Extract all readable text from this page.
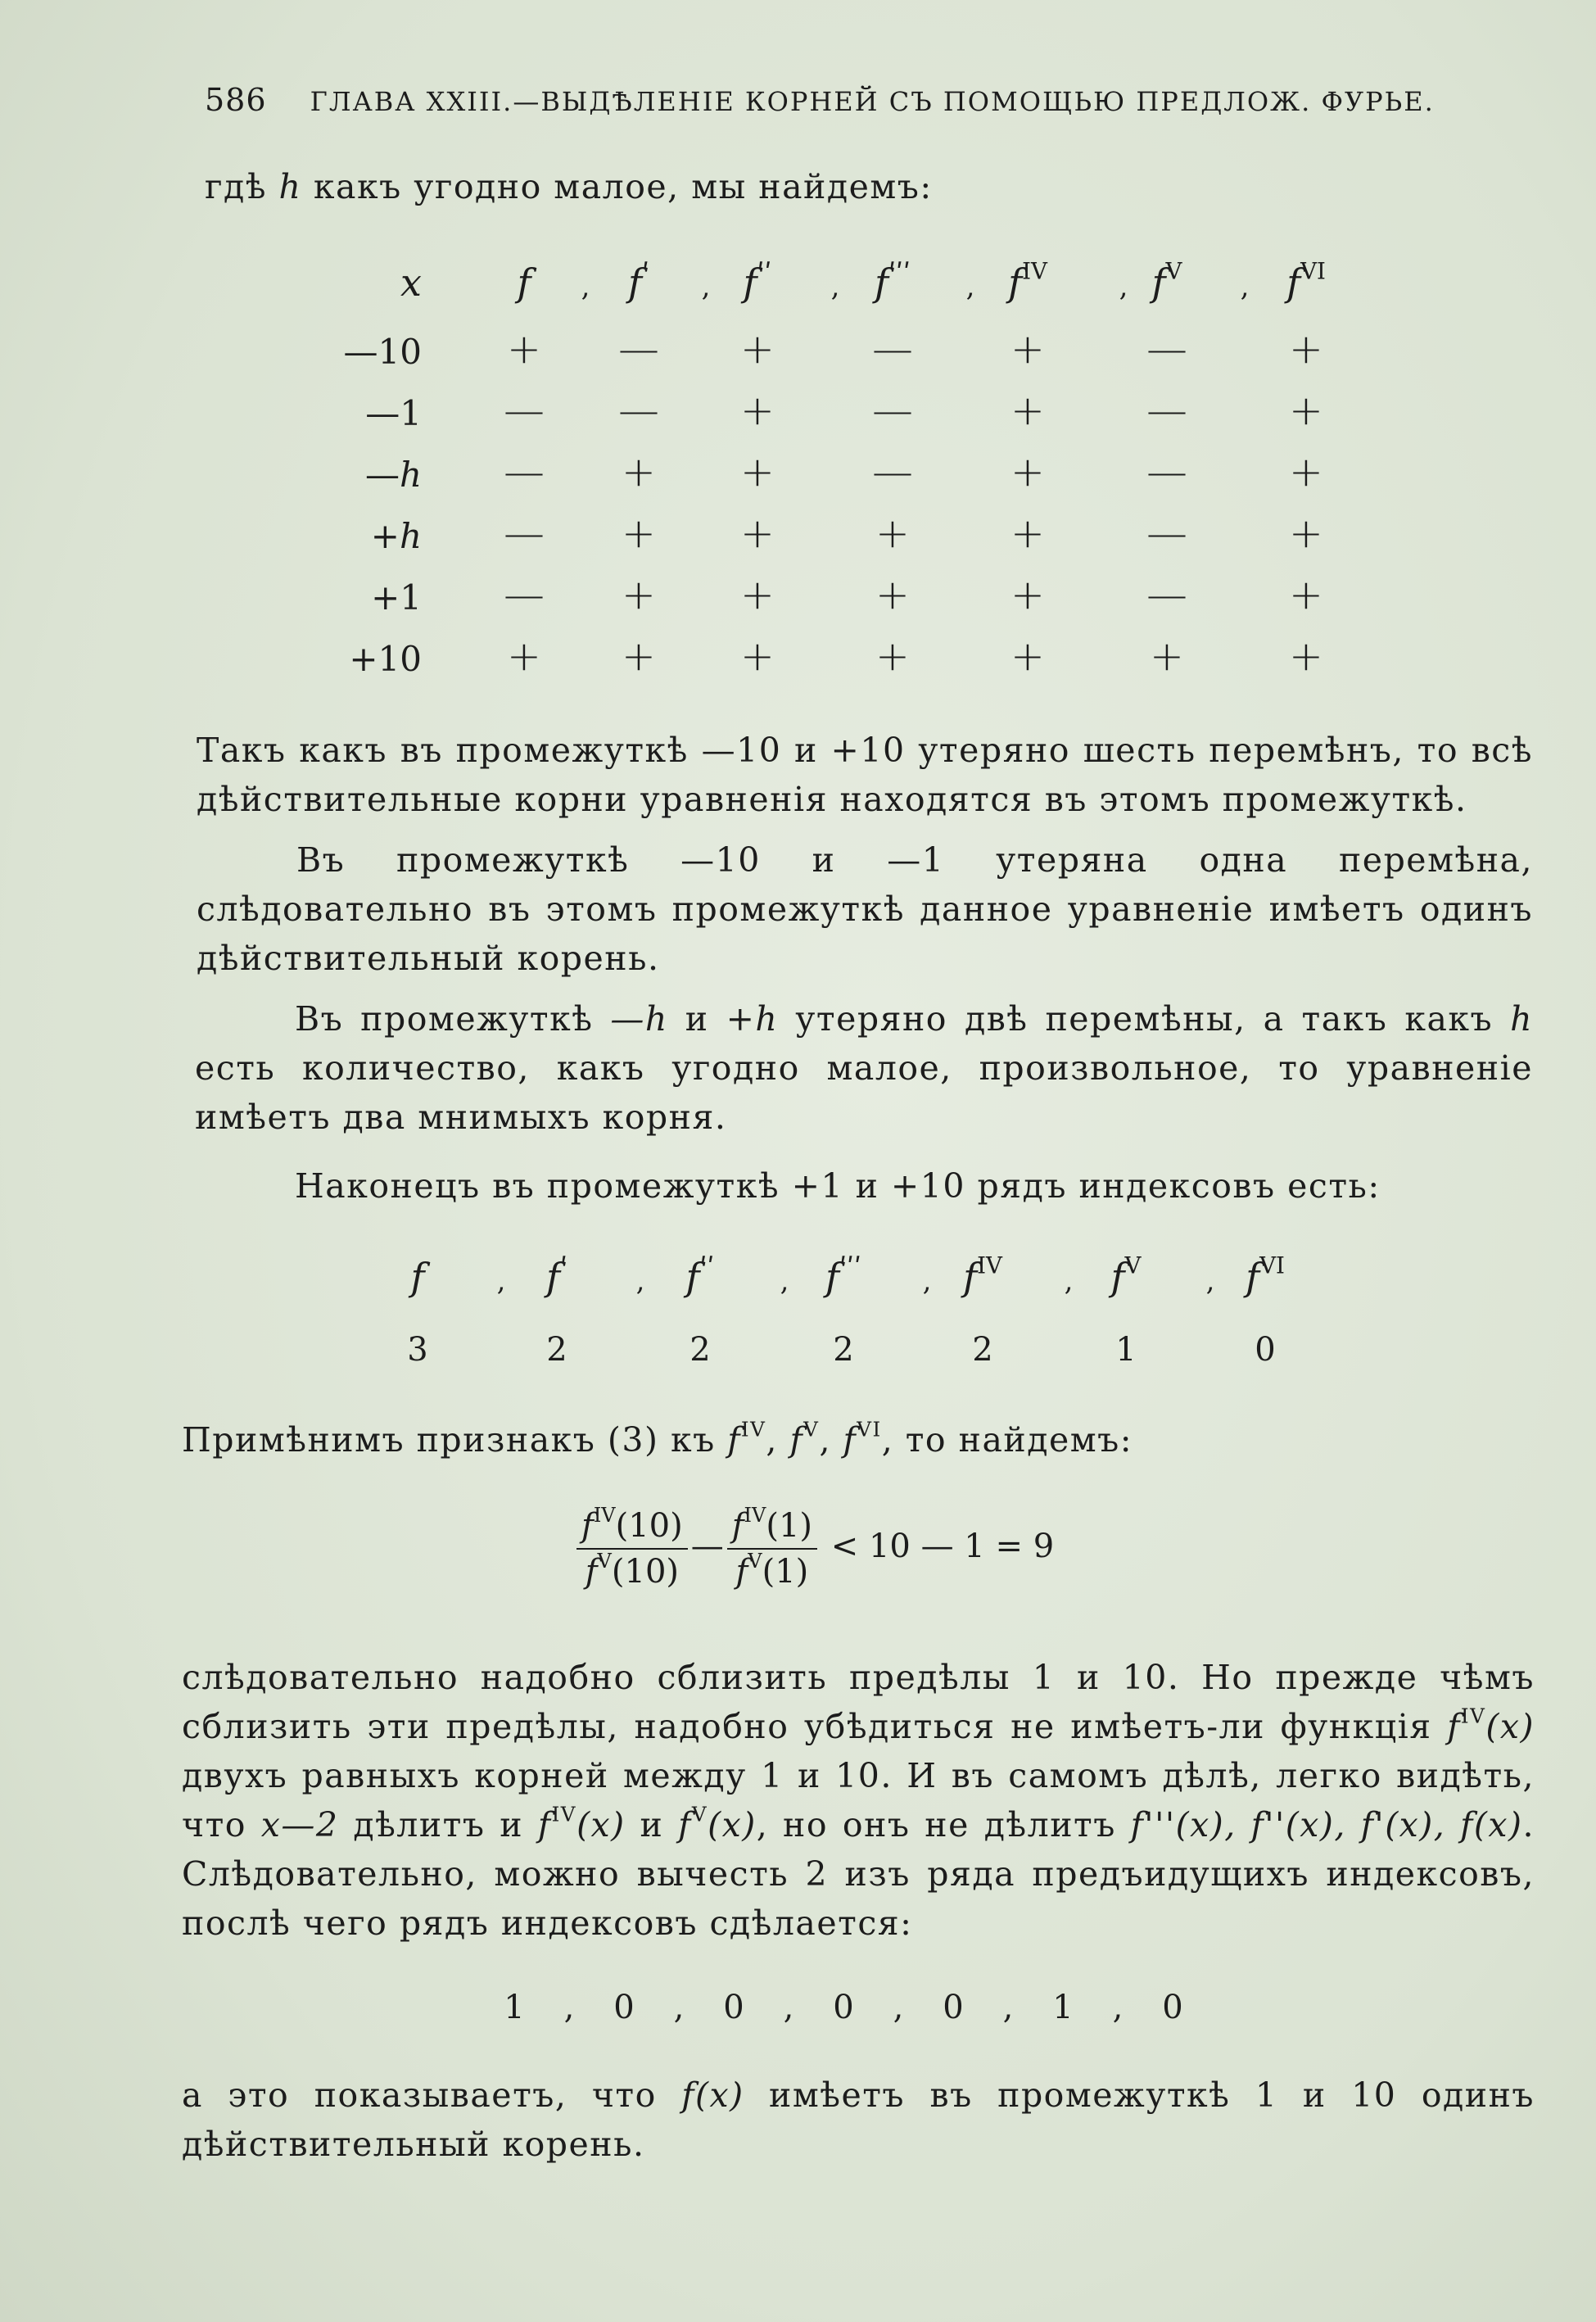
586 ГЛАВА XXIII.—ВЫДѢЛЕНІЕ КОРНЕЙ СЪ ПОМОЩЬЮ ПРЕДЛОЖ. ФУРЬЕ.
гдѣ h какъ угодно малое, мы найдемъ:
x	f	,	$f^ʹ$	, $f^{ʹʹ}$	, $f^{ʹʹʹ}$	, $f^{IV}$	, $f^V$	, $f^{VI}$
—10	+	—	+	—	+	—	+
—1	—	—	+	—	+	—	+
—h	—	+	+	—	+	—	+
+h	—	+	+	+	+	—	+
+1	—	+	+	+	+	—	+
+10	+	+	+	+	+	+	+
Такъ какъ въ промежуткѣ —10 и +10 утеряно шесть перемѣнъ, то всѣ дѣйствительные корни уравненія находятся въ этомъ промежуткѣ.
Въ промежуткѣ —10 и —1 утеряна одна перемѣна, слѣдовательно въ этомъ промежуткѣ данное уравненіе имѣетъ одинъ дѣйствительный корень.
Въ промежуткѣ —h и +h утеряно двѣ перемѣны, а такъ какъ h есть количество, какъ угодно малое, произвольное, то уравненіе имѣетъ два мнимыхъ корня.
Наконецъ въ промежуткѣ +1 и +10 рядъ индексовъ есть:
f	,	$f^ʹ$	,	$f^{ʹʹ}$	, $f^{ʹʹʹ}$	, $f^{IV}$	,	$f^V$	, $f^{VI}$
3	2	2	2	2	1	0
Примѣнимъ признакъ (3) къ $f^{IV}$, $f^V$, $f^{VI}$, то найдемъ:
$\frac{f^{IV}(10)}{f^V(10)}$ — $\frac{f^{IV}(1)}{f^V(1)} < 10$ — 1 = 9
слѣдовательно надобно сблизить предѣлы 1 и 10. Но прежде чѣмъ сблизить эти предѣлы, надобно убѣдиться не имѣетъ-ли функція $f^{IV}(x)$ двухъ равныхъ корней между 1 и 10. И въ самомъ дѣлѣ, легко видѣть, что x—2 дѣлитъ и $f^{IV}(x)$ и $f^V(x)$, но онъ не дѣлитъ f'''(x), f''(x), f'(x), f(x). Слѣдовательно, можно вычесть 2 изъ ряда предъидущихъ индексовъ, послѣ чего рядъ индексовъ сдѣлается:
1	,	0	,	0	,	0	,	0	,	1	,	0
а это показываетъ, что f(x) имѣетъ въ промежуткѣ 1 и 10 одинъ дѣйствительный корень.
